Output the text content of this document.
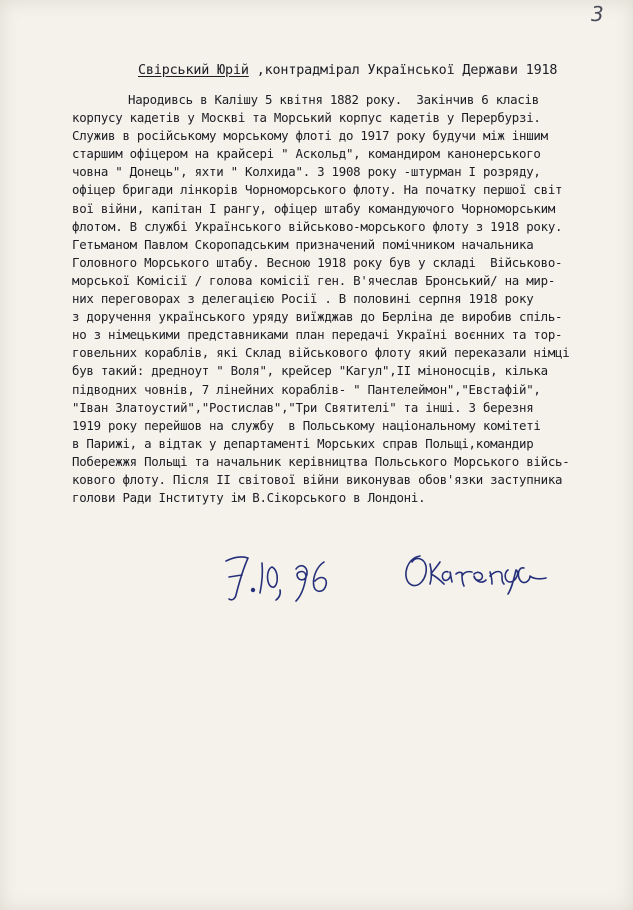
3
Свірський Юрій ,контрадмірал Української Держави 1918
Народивсь в Калішу 5 квітня 1882 року.  Закінчив 6 класів
корпусу кадетів у Москві та Морський корпус кадетів у Перербурзі.
Служив в російському морському флоті до 1917 року будучи між іншим
старшим офіцером на крайсері " Аскольд", командиром канонерського
човна " Донець", яхти " Колхида". З 1908 року -штурман І розряду,
офіцер бригади лінкорів Чорноморського флоту. На початку першої світ
вої війни, капітан І рангу, офіцер штабу командуючого Чорноморським
флотом. В службі Українського військово-морського флоту з 1918 року.
Гетьманом Павлом Скоропадським призначений помічником начальника
Головного Морського штабу. Весною 1918 року був у складі  Військово-
морської Комісії / голова комісії ген. В'ячеслав Бронський/ на мир-
них переговорах з делегацією Росії . В половині серпня 1918 року
з доручення українського уряду виїжджав до Берліна де виробив спіль-
но з німецькими представниками план передачі Україні воєнних та тор-
говельних кораблів, які Склад військового флоту який переказали німці
був такий: дредноут " Воля", крейсер "Кагул",II міноносців, кілька
підводних човнів, 7 лінейних кораблів- " Пантелеймон","Евстафій",
"Іван Златоустий","Ростислав","Три Святителі" та інші. З березня
1919 року перейшов на службу  в Польському національному комітеті
в Парижі, а відтак у департаменті Морських справ Польщі,командир
Побережжя Польщі та начальник керівництва Польського Морського війсь-
кового флоту. Після II світової війни виконував обов'язки заступника
голови Ради Інституту ім В.Сікорського в Лондоні.
